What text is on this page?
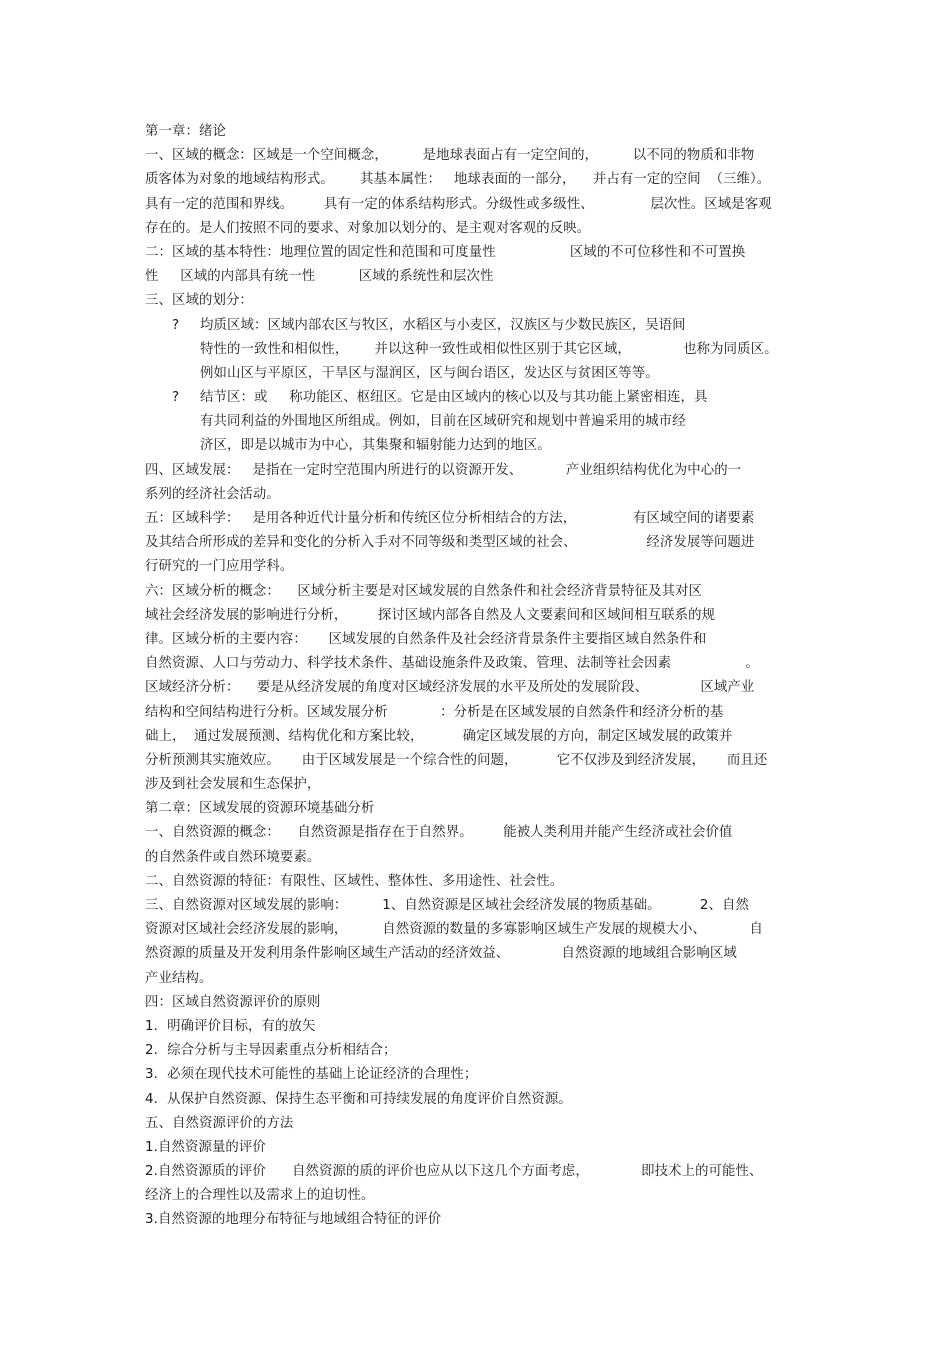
第一章：绪论
一、区域的概念：区域是一个空间概念，        是地球表面占有一定空间的，        以不同的物质和非物
质客体为对象的地域结构形式。      其基本属性：   地球表面的一部分，    并占有一定的空间  （三维）。
具有一定的范围和界线。       具有一定的体系结构形式。分级性或多级性、             层次性。区域是客观
存在的。是人们按照不同的要求、对象加以划分的、是主观对客观的反映。
二：区域的基本特性：地理位置的固定性和范围和可度量性                 区域的不可位移性和不可置换
性     区域的内部具有统一性          区域的系统性和层次性
三、区域的划分：
? 均质区域：区域内部农区与牧区，水稻区与小麦区，汉族区与少数民族区，吴语间
特性的一致性和相似性，      并以这种一致性或相似性区别于其它区域，            也称为同质区。
例如山区与平原区，干旱区与湿润区，区与闽台语区，发达区与贫困区等等。
? 结节区：或     称功能区、枢纽区。它是由区域内的核心以及与其功能上紧密相连，具
有共同利益的外围地区所组成。例如，目前在区域研究和规划中普遍采用的城市经
济区，即是以城市为中心，其集聚和辐射能力达到的地区。
四、区域发展：   是指在一定时空范围内所进行的以资源开发、          产业组织结构优化为中心的一
系列的经济社会活动。
五：区域科学：   是用各种近代计量分析和传统区位分析相结合的方法，             有区域空间的诸要素
及其结合所形成的差异和变化的分析入手对不同等级和类型区域的社会、                经济发展等问题进
行研究的一门应用学科。
六：区域分析的概念：    区域分析主要是对区域发展的自然条件和社会经济背景特征及其对区
域社会经济发展的影响进行分析，       探讨区域内部各自然及人文要素间和区域间相互联系的规
律。区域分析的主要内容：     区域发展的自然条件及社会经济背景条件主要指区域自然条件和
自然资源、人口与劳动力、科学技术条件、基础设施条件及政策、管理、法制等社会因素                 。
区域经济分析：    要是从经济发展的角度对区域经济发展的水平及所处的发展阶段、            区域产业
结构和空间结构进行分析。区域发展分析            ：分析是在区域发展的自然条件和经济分析的基
础上，  通过发展预测、结构优化和方案比较，         确定区域发展的方向，制定区域发展的政策并
分析预测其实施效应。     由于区域发展是一个综合性的问题，         它不仅涉及到经济发展，     而且还
涉及到社会发展和生态保护，
第二章：区域发展的资源环境基础分析
一、自然资源的概念：    自然资源是指存在于自然界。       能被人类利用并能产生经济或社会价值
的自然条件或自然环境要素。
二、自然资源的特征：有限性、区域性、整体性、多用途性、社会性。
三、自然资源对区域发展的影响：        1、自然资源是区域社会经济发展的物质基础。         2、自然
资源对区域社会经济发展的影响，        自然资源的数量的多寡影响区域生产发展的规模大小、          自
然资源的质量及开发利用条件影响区域生产活动的经济效益、            自然资源的地域组合影响区域
产业结构。
四：区域自然资源评价的原则
1．明确评价目标，有的放矢
2．综合分析与主导因素重点分析相结合；
3．必须在现代技术可能性的基础上论证经济的合理性；
4．从保护自然资源、保持生态平衡和可持续发展的角度评价自然资源。
五、自然资源评价的方法
1.自然资源量的评价
2.自然资源质的评价      自然资源的质的评价也应从以下这几个方面考虑，            即技术上的可能性、
经济上的合理性以及需求上的迫切性。
3.自然资源的地理分布特征与地域组合特征的评价
